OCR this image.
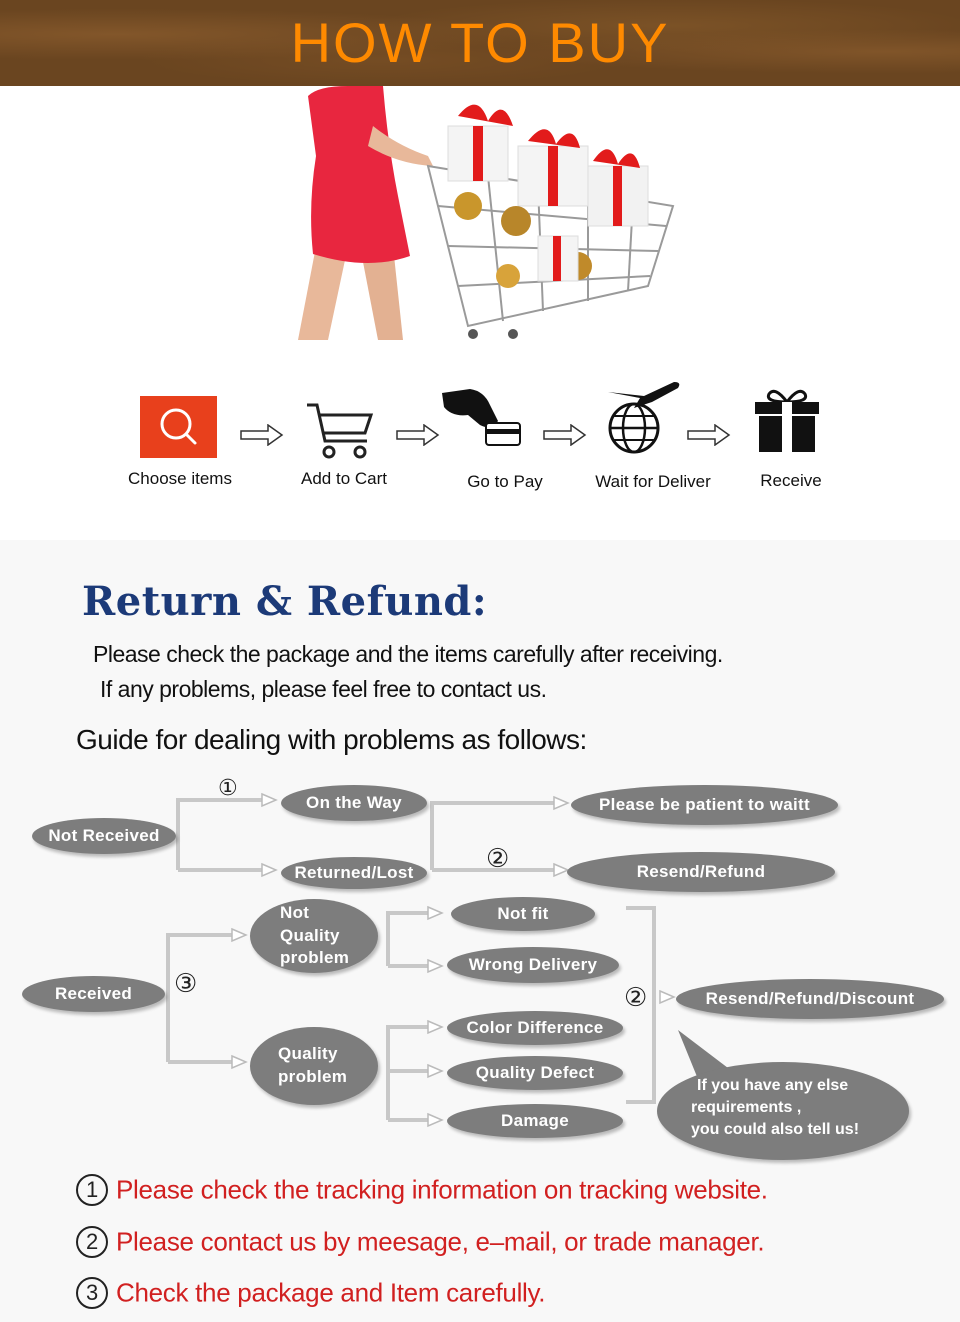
HOW TO BUY
Choose items	Add to Cart	Go to Pay	Wait for Deliver	Receive
Return & Refund:
Please check the package and the items carefully after receiving.
If any problems, please feel free to contact us.
Guide for dealing with problems as follows:
Not Received
On the Way
Returned/Lost
Please be patient to waitt
Resend/Refund
Received
Not
Quality
problem
Quality
problem
Not fit
Wrong Delivery
Color Difference
Quality Defect
Damage
Resend/Refund/Discount
If you have any else
requirements ,
you could also tell us!
①
②
③	②
1 Please check the tracking information on tracking website.
2 Please contact us by meesage, e–mail, or trade manager.
3 Check the package and Item carefully.
